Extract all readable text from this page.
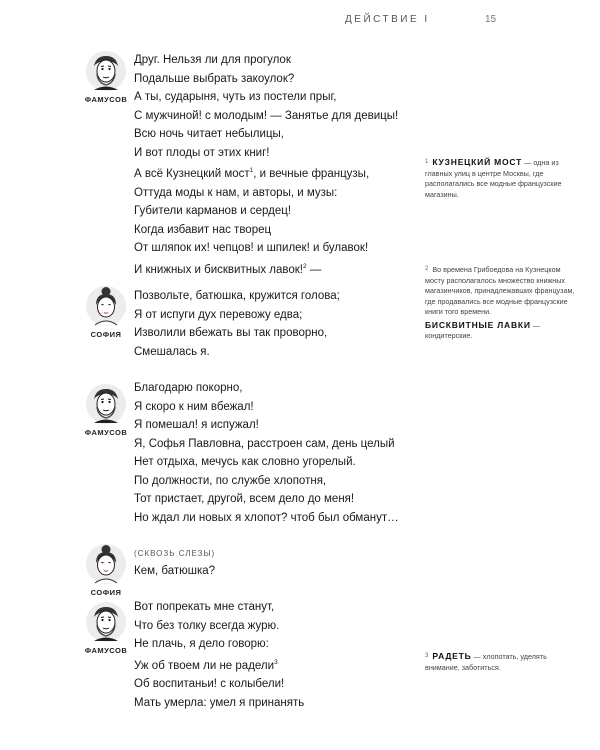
ДЕЙСТВИЕ I	15
ФАМУСОВ
Друг. Нельзя ли для прогулок
Подальше выбрать закоулок?
А ты, сударыня, чуть из постели прыг,
С мужчиной! с молодым! — Занятье для девицы!
Всю ночь читает небылицы,
И вот плоды от этих книг!
А всё Кузнецкий мост$^1$, и вечные французы,
Оттуда моды к нам, и авторы, и музы:
Губители карманов и сердец!
Когда избавит нас творец
От шляпок их! чепцов! и шпилек! и булавок!
И книжных и бисквитных лавок!$^2$ —
СОФИЯ
Позвольте, батюшка, кружится голова;
Я от испуги дух перевожу едва;
Изволили вбежать вы так проворно,
Смешалась я.
ФАМУСОВ
Благодарю покорно,
Я скоро к ним вбежал!
Я помешал! я испужал!
Я, Софья Павловна, расстроен сам, день целый
Нет отдыха, мечусь как словно угорелый.
По должности, по службе хлопотня,
Тот пристает, другой, всем дело до меня!
Но ждал ли новых я хлопот? чтоб был обманут…
СОФИЯ
(СКВОЗЬ СЛЕЗЫ)
Кем, батюшка?
ФАМУСОВ
Вот попрекать мне станут,
Что без толку всегда журю.
Не плачь, я дело говорю:
Уж об твоем ли не радели$^3$
Об воспитаньи! с колыбели!
Мать умерла: умел я принанять
$^1$ КУЗНЕЦКИЙ МОСТ — одна из главных улиц в центре Москвы, где располагались все модные французские магазины.
$^2$ Во времена Грибоедова на Кузнецком мосту располагалось множество книжных магазинчиков, принадлежавших французам, где продавались все модные французские книги того времени.
БИСКВИТНЫЕ ЛАВКИ — кондитерские.
$^3$ РАДЕТЬ — хлопотать, уделять внимание, заботиться.
